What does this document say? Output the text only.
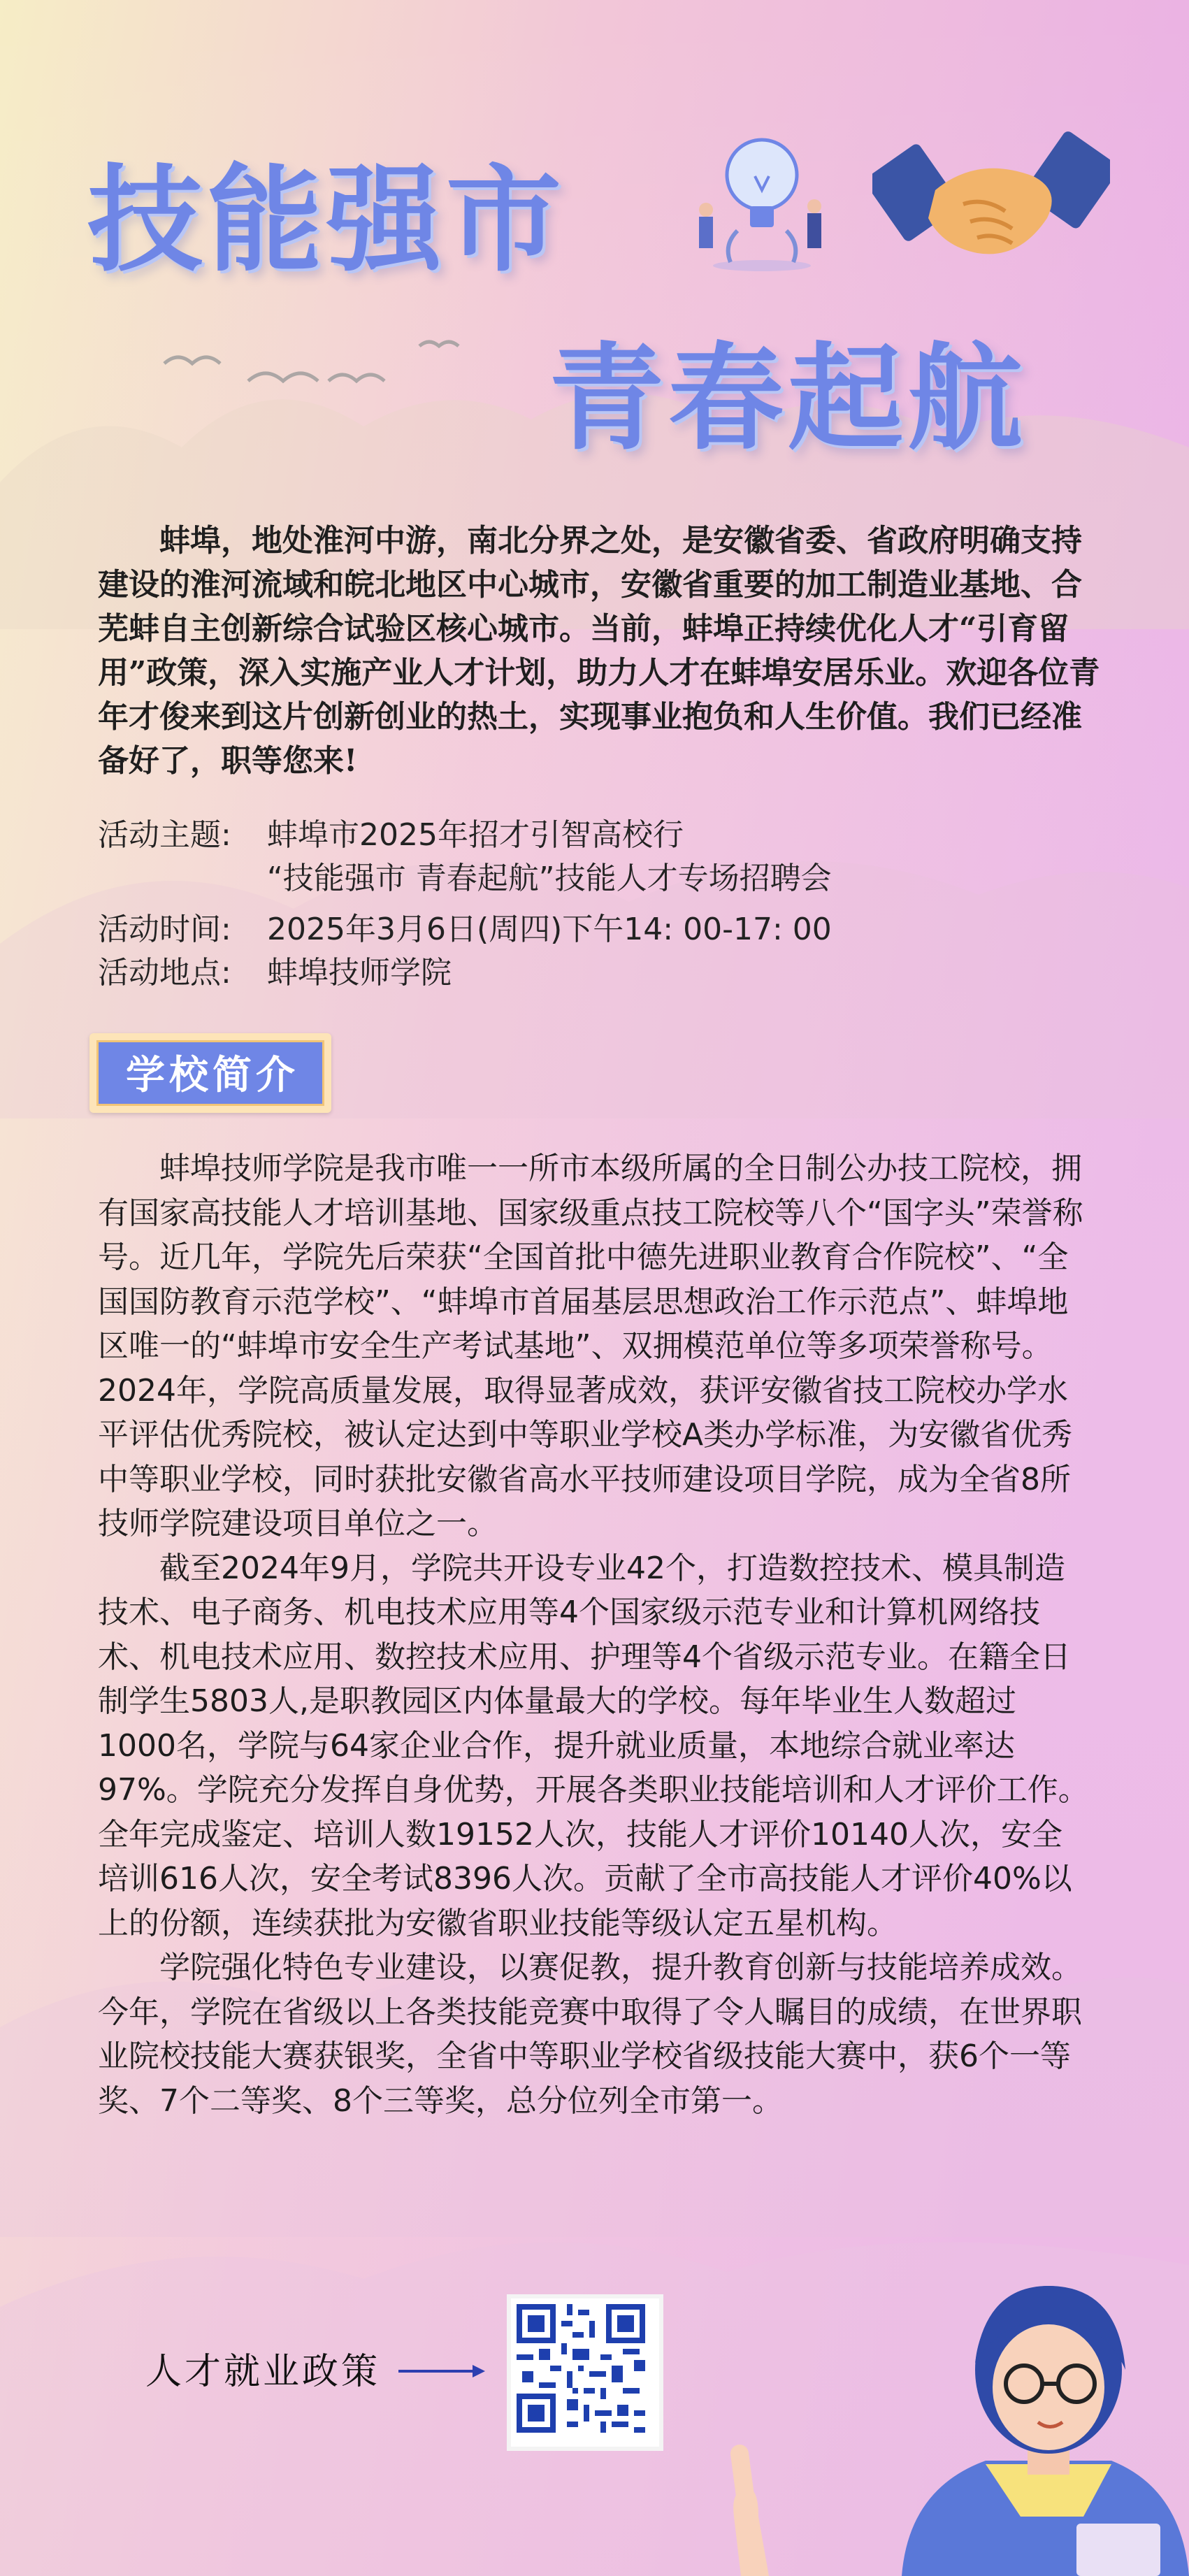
技能强市
青春起航

蚌埠，地处淮河中游，南北分界之处，是安徽省委、省政府明确支持建设的淮河流域和皖北地区中心城市，安徽省重要的加工制造业基地、合芜蚌自主创新综合试验区核心城市。当前，蚌埠正持续优化人才“引育留用”政策，深入实施产业人才计划，助力人才在蚌埠安居乐业。欢迎各位青年才俊来到这片创新创业的热土，实现事业抱负和人生价值。我们已经准备好了，职等您来!

活动主题: 蚌埠市2025年招才引智高校行
“技能强市 青春起航”技能人才专场招聘会
活动时间: 2025年3月6日(周四)下午14: 00-17: 00
活动地点: 蚌埠技师学院
学校简介

蚌埠技师学院是我市唯一一所市本级所属的全日制公办技工院校，拥有国家高技能人才培训基地、国家级重点技工院校等八个“国字头”荣誉称号。近几年，学院先后荣获“全国首批中德先进职业教育合作院校”、“全国国防教育示范学校”、“蚌埠市首届基层思想政治工作示范点”、蚌埠地区唯一的“蚌埠市安全生产考试基地”、双拥模范单位等多项荣誉称号。2024年，学院高质量发展，取得显著成效，获评安徽省技工院校办学水平评估优秀院校，被认定达到中等职业学校A类办学标准，为安徽省优秀中等职业学校，同时获批安徽省高水平技师建设项目学院，成为全省8所技师学院建设项目单位之一。

截至2024年9月，学院共开设专业42个，打造数控技术、模具制造技术、电子商务、机电技术应用等4个国家级示范专业和计算机网络技术、机电技术应用、数控技术应用、护理等4个省级示范专业。在籍全日制学生5803人,是职教园区内体量最大的学校。每年毕业生人数超过1000名，学院与64家企业合作，提升就业质量，本地综合就业率达97%。学院充分发挥自身优势，开展各类职业技能培训和人才评价工作。全年完成鉴定、培训人数19152人次，技能人才评价10140人次，安全培训616人次，安全考试8396人次。贡献了全市高技能人才评价40%以上的份额，连续获批为安徽省职业技能等级认定五星机构。

学院强化特色专业建设，以赛促教，提升教育创新与技能培养成效。今年，学院在省级以上各类技能竞赛中取得了令人瞩目的成绩，在世界职业院校技能大赛获银奖，全省中等职业学校省级技能大赛中，获6个一等奖、7个二等奖、8个三等奖，总分位列全市第一。

人才就业政策
